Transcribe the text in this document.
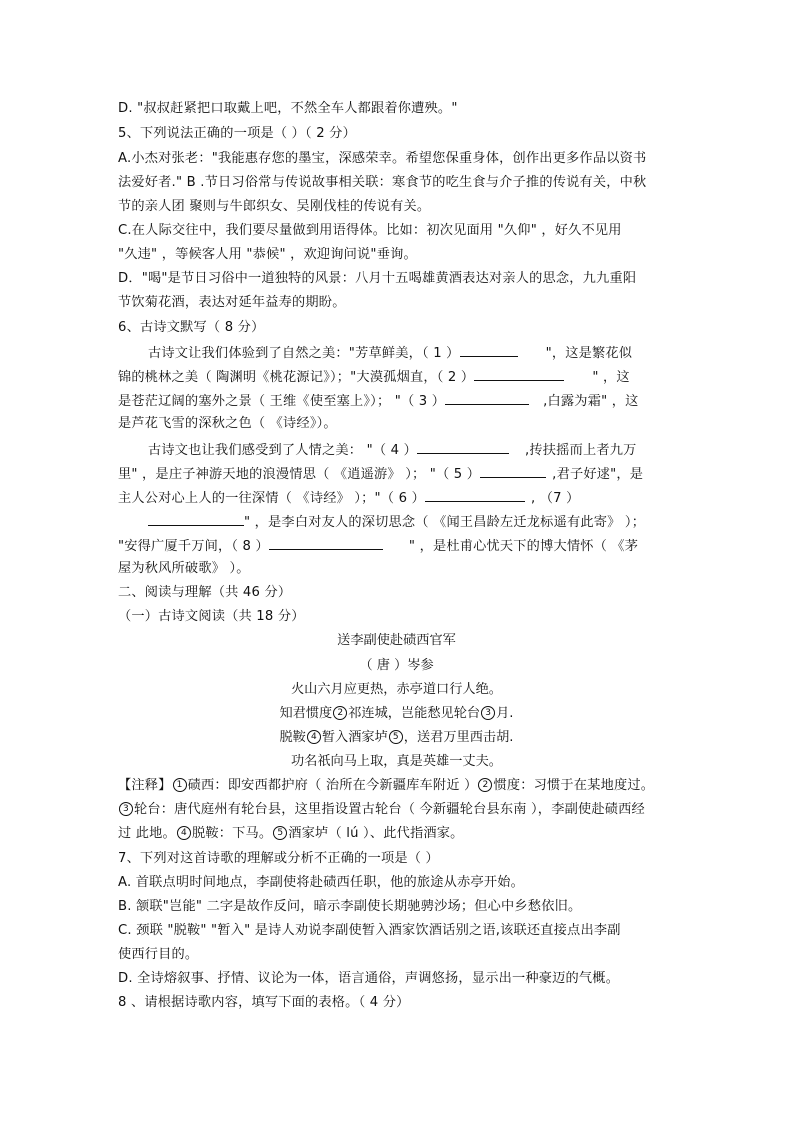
D. "叔叔赶紧把口取戴上吧，不然全车人都跟着你遭殃。"
5、下列说法正确的一项是（ ）（ 2 分）
A.小杰对张老："我能惠存您的墨宝，深感荣幸。希望您保重身体，创作出更多作品以资书
法爱好者." B .节日习俗常与传说故事相关联：寒食节的吃生食与介子推的传说有关，中秋
节的亲人团 聚则与牛郎织女、吴刚伐桂的传说有关。
C.在人际交往中，我们要尽量做到用语得体。比如：初次见面用 "久仰" ，好久不见用
"久违" ，等候客人用 "恭候" ，欢迎询问说"垂询。
D．"喝"是节日习俗中一道独特的风景：八月十五喝雄黄酒表达对亲人的思念，九九重阳
节饮菊花酒，表达对延年益寿的期盼。
6、古诗文默写（ 8 分）
古诗文让我们体验到了自然之美："芳草鲜美，（ 1 ）	"，这是繁花似
锦的桃林之美（ 陶渊明《桃花源记》）；"大漠孤烟直，（ 2 ）	" ，这
是苍茫辽阔的塞外之景（ 王维《使至塞上》）； "（ 3 ）	,白露为霜" ，这
是芦花飞雪的深秋之色（ 《诗经》）。
古诗文也让我们感受到了人情之美： "（ 4 ）	,抟扶摇而上者九万
里" ，是庄子神游天地的浪漫情思（ 《逍遥游》 ）； "（ 5 ）	,君子好逑"，是
主人公对心上人的一往深情（ 《诗经》 ）；"（ 6 ）	, （7 ）
" ，是李白对友人的深切思念（ 《闻王昌龄左迁龙标遥有此寄》 ）；
"安得广厦千万间，（ 8 ）	" ，是杜甫心忧天下的博大情怀（ 《茅
屋为秋风所破歌》 ）。
二、阅读与理解（共 46 分）
（一）古诗文阅读（共 18 分）
送李副使赴碛西官军
（ 唐 ）岑参
火山六月应更热，赤亭道口行人绝。
知君惯度 2 祁连城，岂能愁见轮台 3 月.
脱鞍 4 暂入酒家垆 5 ，送君万里西击胡.
功名祇向马上取，真是英雄一丈夫。
【注释】 1 碛西：即安西都护府（ 治所在今新疆库车附近 ） 2 惯度：习惯于在某地度过。
3 轮台：唐代庭州有轮台县，这里指设置古轮台（ 今新疆轮台县东南 ），李副使赴碛西经
过 此地。 4 脱鞍：下马。 5 酒家垆（ lú ）、此代指酒家。
7、下列对这首诗歌的理解或分析不正确的一项是（ ）
A. 首联点明时间地点，李副使将赴碛西任职，他的旅途从赤亭开始。
B. 颔联"岂能" 二字是故作反问，暗示李副使长期驰骋沙场；但心中乡愁依旧。
C. 颈联 "脱鞍" "暂入" 是诗人劝说李副使暂入酒家饮酒话别之语,该联还直接点出李副
使西行目的。
D. 全诗熔叙事、抒情、议论为一体，语言通俗，声调悠扬，显示出一种豪迈的气概。
8 、请根据诗歌内容，填写下面的表格。（ 4 分）
